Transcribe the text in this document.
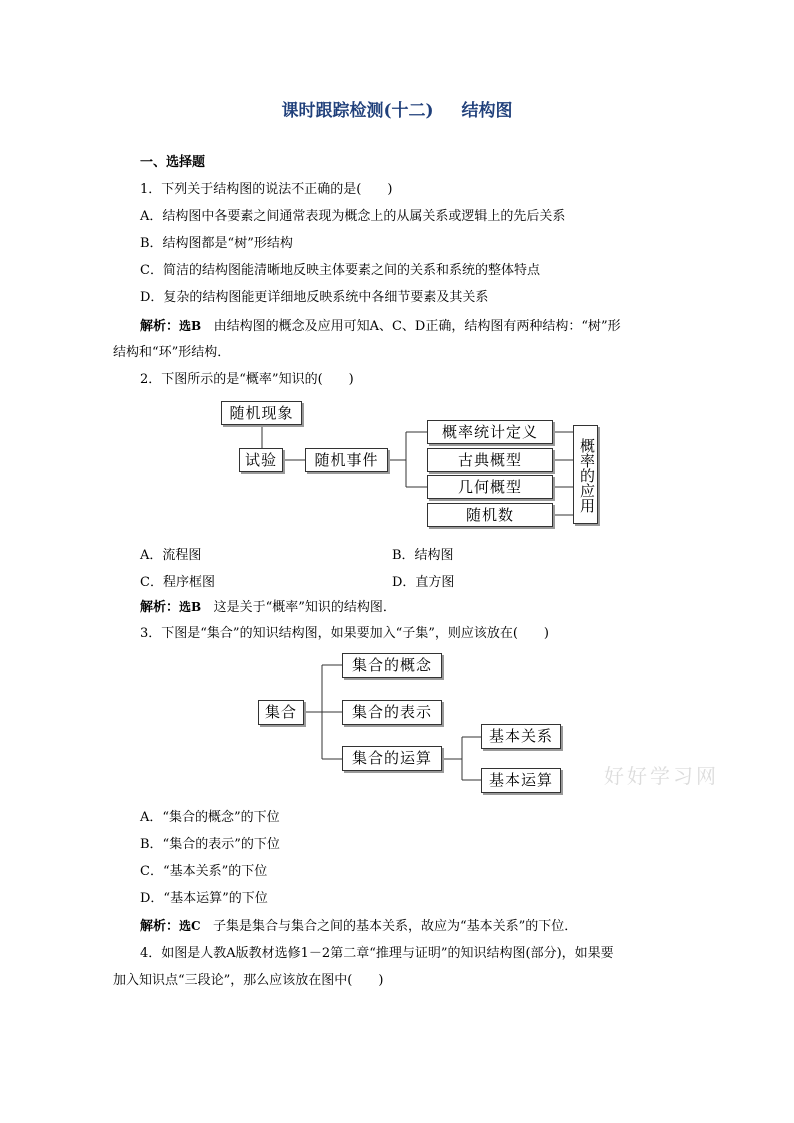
课时跟踪检测(十二) 结构图
一、选择题
1．下列关于结构图的说法不正确的是(　　)
A．结构图中各要素之间通常表现为概念上的从属关系或逻辑上的先后关系
B．结构图都是“树”形结构
C．简洁的结构图能清晰地反映主体要素之间的关系和系统的整体特点
D．复杂的结构图能更详细地反映系统中各细节要素及其关系
解析：选B 由结构图的概念及应用可知A、C、D正确，结构图有两种结构：“树”形
结构和“环”形结构．
2．下图所示的是“概率”知识的(　　)
随机现象
试验	随机事件
概率统计定义
古典概型
几何概型
随机数
概率的应用
A．流程图	B．结构图
C．程序框图	D．直方图
解析：选B 这是关于“概率”知识的结构图．
3．下图是“集合”的知识结构图，如果要加入“子集”，则应该放在(　　)
集合
集合的概念
集合的表示
集合的运算
基本关系
基本运算	好好学习网
A．“集合的概念”的下位
B．“集合的表示”的下位
C．“基本关系”的下位
D．“基本运算”的下位
解析：选C 子集是集合与集合之间的基本关系，故应为“基本关系”的下位．
4．如图是人教A版教材选修1－2第二章“推理与证明”的知识结构图(部分)，如果要
加入知识点“三段论”，那么应该放在图中(　　)
